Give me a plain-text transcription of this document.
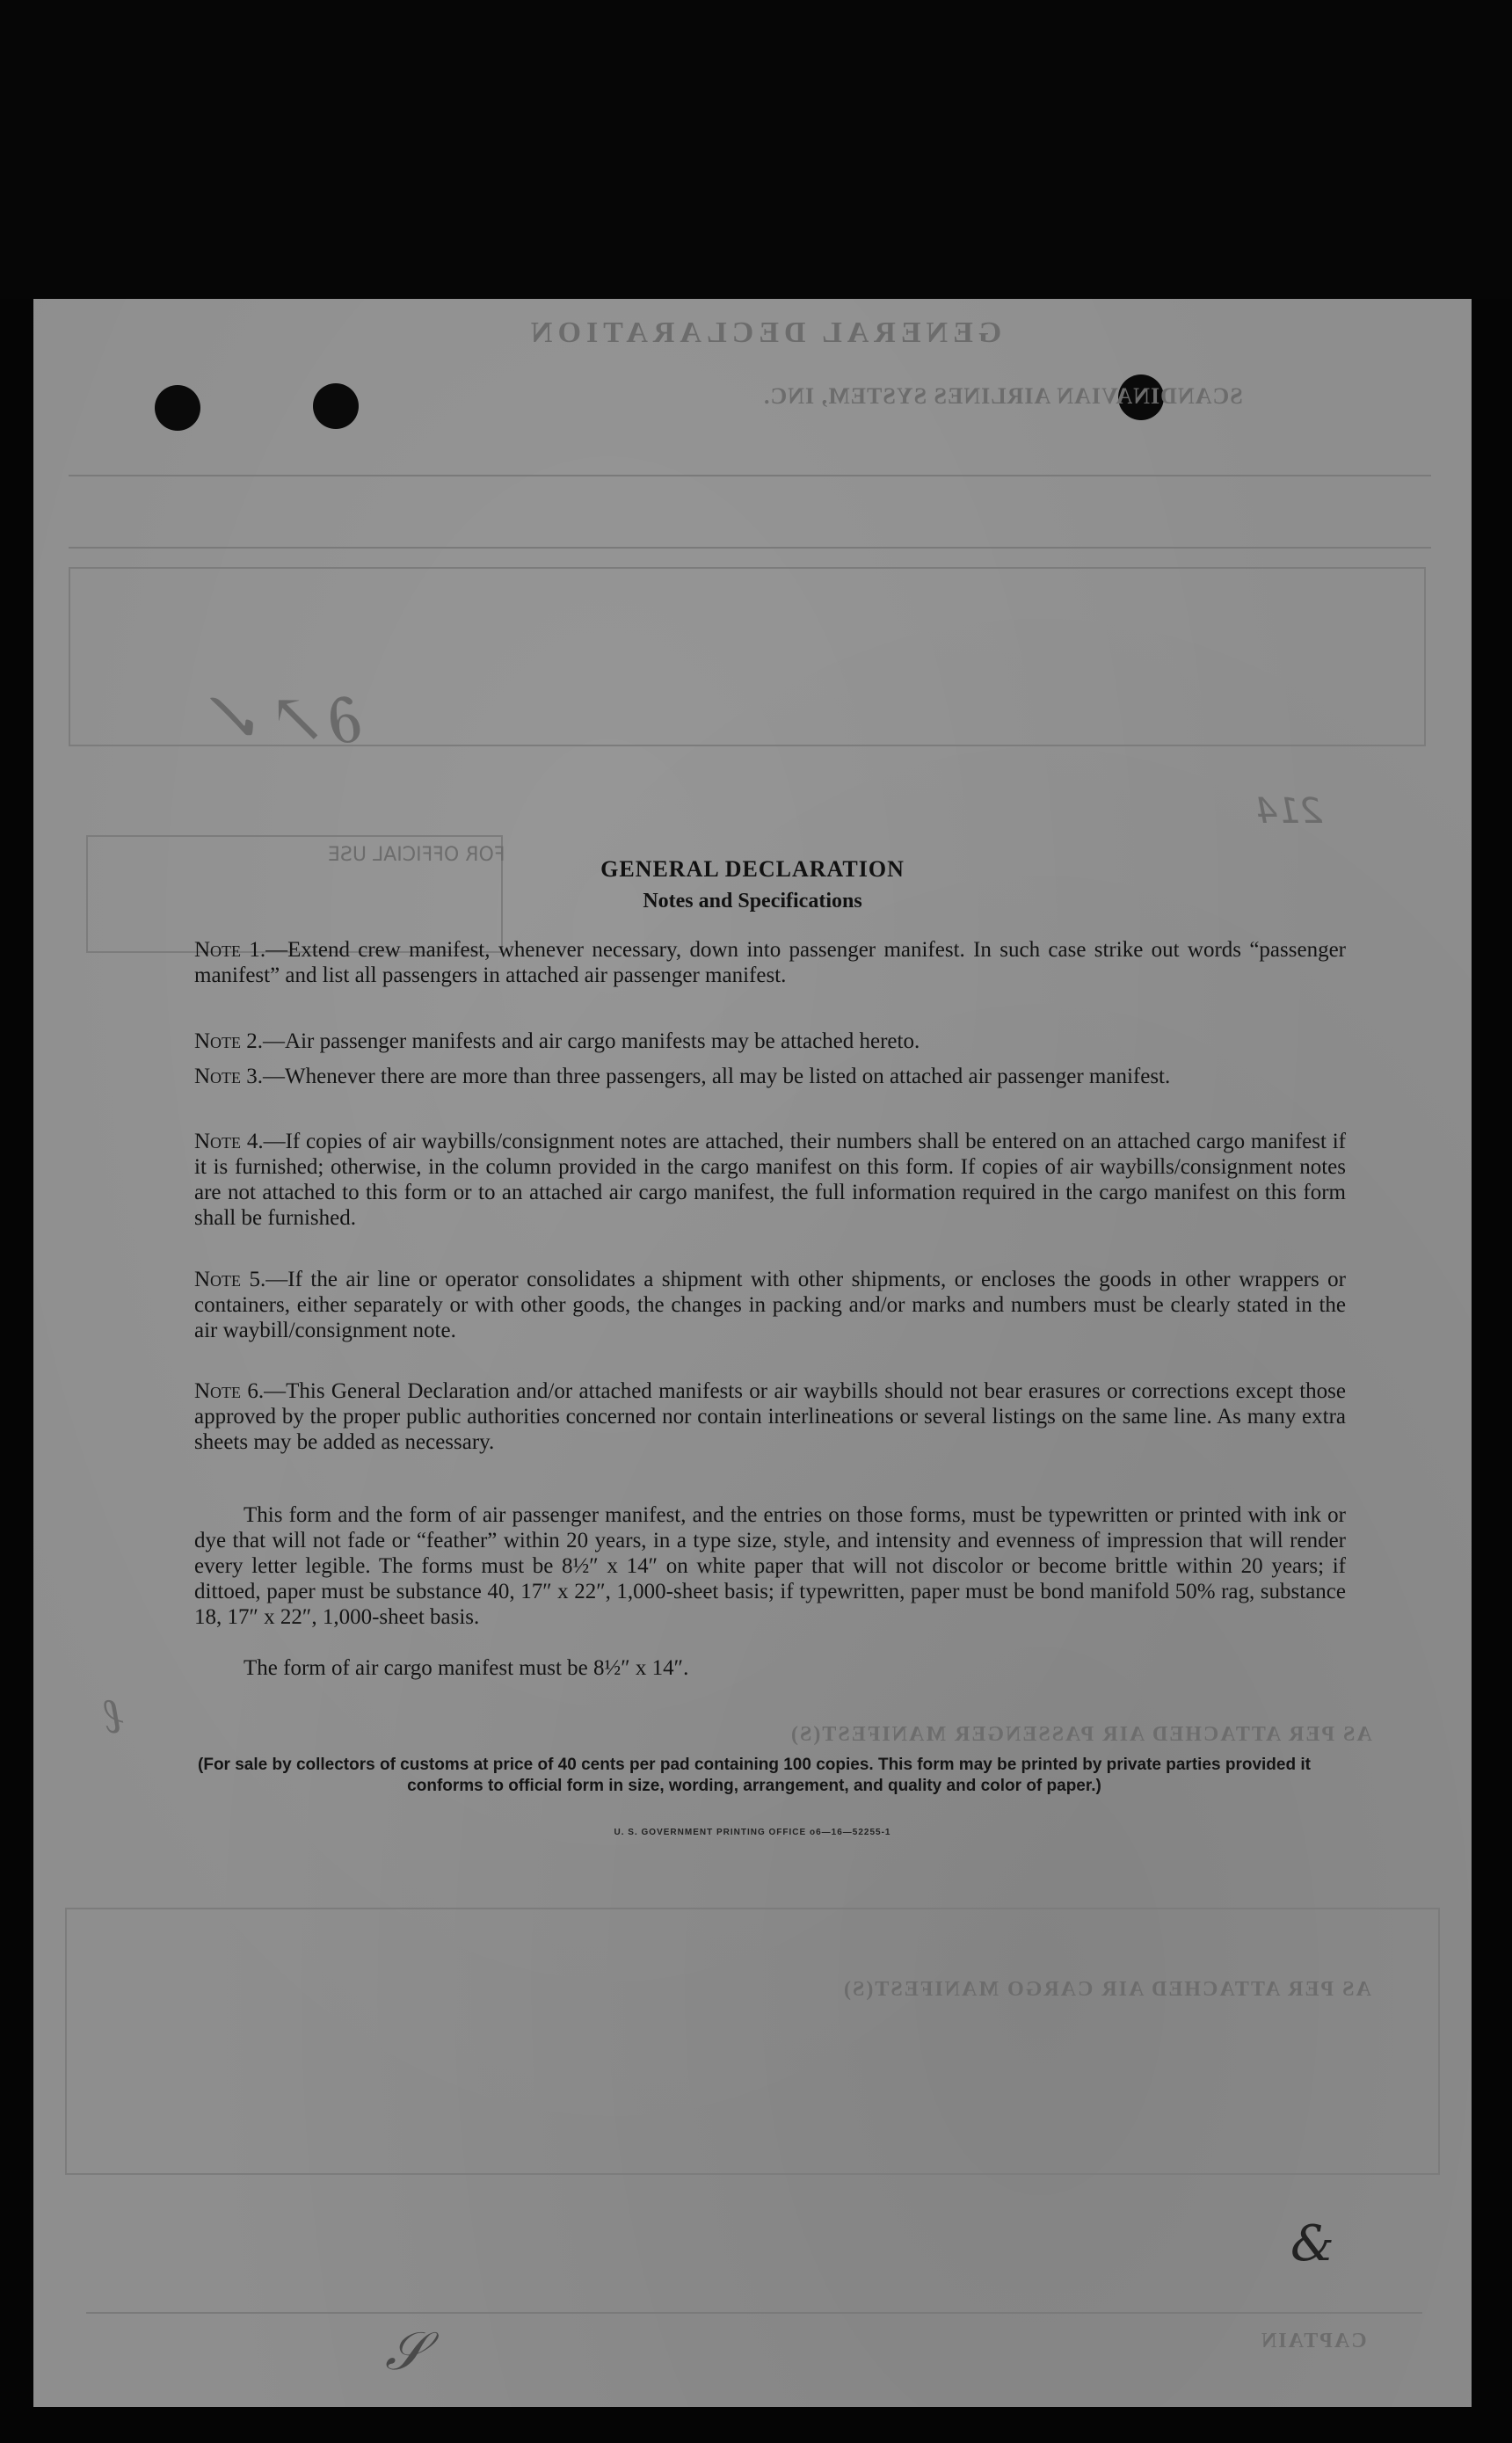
GENERAL DECLARATION
SCANDINAVIAN AIRLINES SYSTEM, INC.
FOR OFFICIAL USE
214
AS PER ATTACHED AIR PASSENGER MANIFEST(S)
AS PER ATTACHED AIR CARGO MANIFEST(S)
CAPTAIN
∂↗✓
ℓ
𝒮
&
GENERAL DECLARATION
Notes and Specifications
Note 1.—Extend crew manifest, whenever necessary, down into passenger manifest. In such case strike out words “passenger manifest” and list all passengers in attached air passenger manifest.
Note 2.—Air passenger manifests and air cargo manifests may be attached hereto.
Note 3.—Whenever there are more than three passengers, all may be listed on attached air passenger manifest.
Note 4.—If copies of air waybills/consignment notes are attached, their numbers shall be entered on an attached cargo manifest if it is furnished; otherwise, in the column provided in the cargo manifest on this form. If copies of air waybills/consignment notes are not attached to this form or to an attached air cargo manifest, the full information required in the cargo manifest on this form shall be furnished.
Note 5.—If the air line or operator consolidates a shipment with other shipments, or encloses the goods in other wrappers or containers, either separately or with other goods, the changes in packing and/or marks and numbers must be clearly stated in the air waybill/consignment note.
Note 6.—This General Declaration and/or attached manifests or air waybills should not bear erasures or corrections except those approved by the proper public authorities concerned nor contain interlineations or several listings on the same line. As many extra sheets may be added as necessary.
This form and the form of air passenger manifest, and the entries on those forms, must be typewritten or printed with ink or dye that will not fade or “feather” within 20 years, in a type size, style, and intensity and evenness of impression that will render every letter legible. The forms must be 8½″ x 14″ on white paper that will not discolor or become brittle within 20 years; if dittoed, paper must be substance 40, 17″ x 22″, 1,000-sheet basis; if typewritten, paper must be bond manifold 50% rag, substance 18, 17″ x 22″, 1,000-sheet basis.
The form of air cargo manifest must be 8½″ x 14″.
(For sale by collectors of customs at price of 40 cents per pad containing 100 copies. This form may be printed by private parties provided it conforms to official form in size, wording, arrangement, and quality and color of paper.)
U. S. GOVERNMENT PRINTING OFFICE o6—16—52255-1
